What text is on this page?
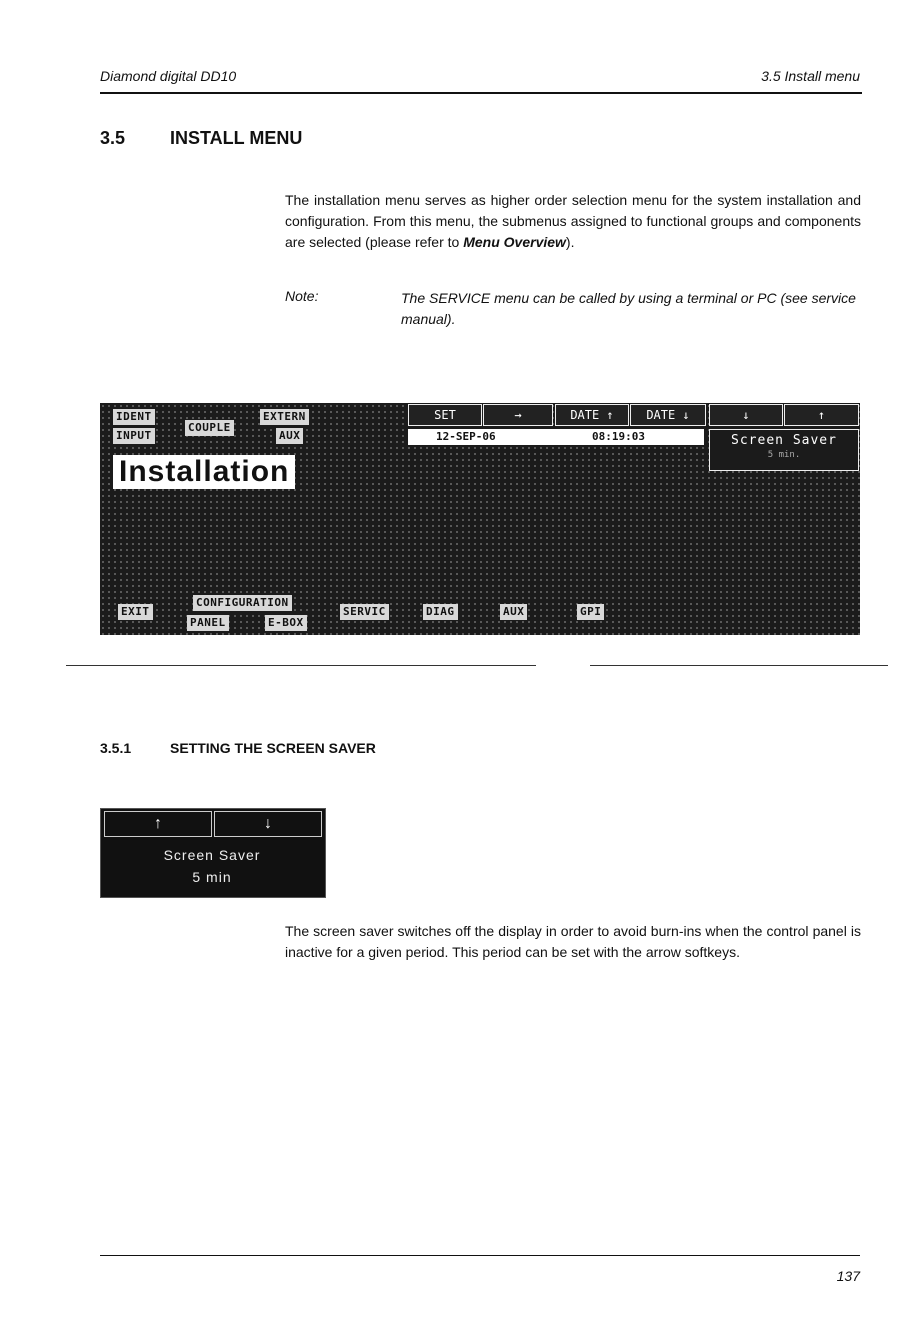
Diamond digital DD10	3.5 Install menu
3.5 INSTALL MENU
The installation menu serves as higher order selection menu for the system installation and configuration. From this menu, the submenus assigned to functional groups and components are selected (please refer to Menu Overview).
Note:	The SERVICE menu can be called by using a terminal or PC (see service manual).
IDENT
INPUT
COUPLE
EXTERN
AUX
SET	→	DATE ↑	DATE ↓	↓	↑
12-SEP-06	08:19:03	Screen Saver
5 min.
Installation
EXIT
CONFIGURATION
PANEL	E-BOX
SERVIC	DIAG	AUX	GPI
3.5.1	SETTING THE SCREEN SAVER
↑	↓
Screen Saver
5 min
The screen saver switches off the display in order to avoid burn-ins when the control panel is inactive for a given period. This period can be set with the arrow softkeys.
137
